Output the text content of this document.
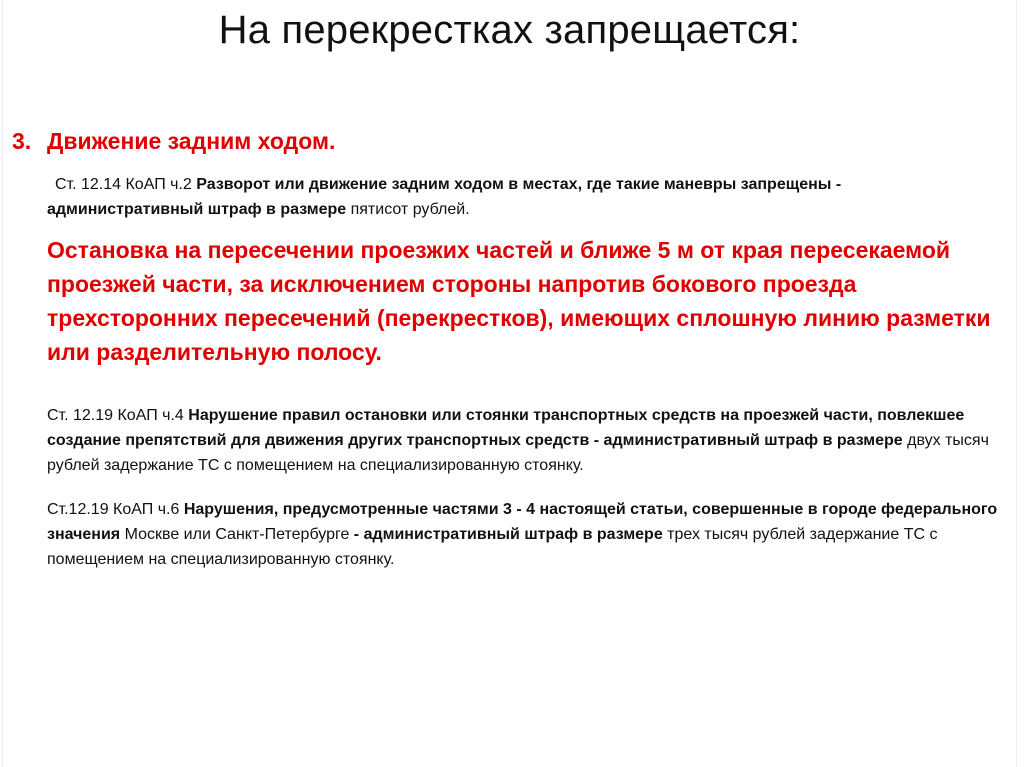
На перекрестках запрещается:
3. Движение задним ходом.
Ст. 12.14 КоАП ч.2 Разворот или движение задним ходом в местах, где такие маневры запрещены - административный штраф в размере пятисот рублей.
Остановка на пересечении проезжих частей и ближе 5 м от края пересекаемой проезжей части, за исключением стороны напротив бокового проезда трехсторонних пересечений (перекрестков), имеющих сплошную линию разметки или разделительную полосу.
Ст. 12.19 КоАП ч.4 Нарушение правил остановки или стоянки транспортных средств на проезжей части, повлекшее создание препятствий для движения других транспортных средств - административный штраф в размере двух тысяч рублей задержание ТС с помещением на специализированную стоянку.
Ст.12.19 КоАП ч.6 Нарушения, предусмотренные частями 3 - 4 настоящей статьи, совершенные в городе федерального значения Москве или Санкт-Петербурге - административный штраф в размере трех тысяч рублей задержание ТС с помещением на специализированную стоянку.
